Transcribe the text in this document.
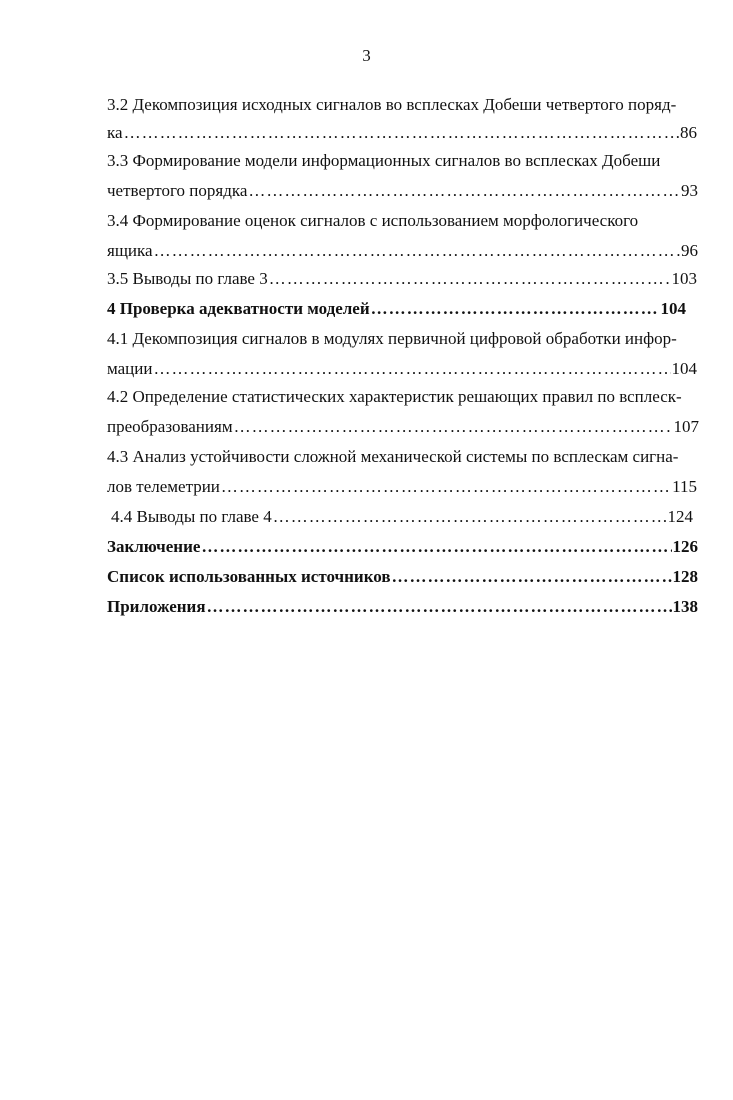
3
3.2 Декомпозиция исходных сигналов во всплесках Добеши четвертого поряд-
ка …………………………………………………………………………………………………………………………………………………………	86
3.3 Формирование модели информационных сигналов во всплесках Добеши
четвертого порядка …………………………………………………………………………………………………………………………………………………………	93
3.4 Формирование оценок сигналов с использованием морфологического
ящика …………………………………………………………………………………………………………………………………………………………	96
3.5 Выводы по главе 3 …………………………………………………………………………………………………………………………………………………………	103
4 Проверка адекватности моделей …………………………………………………………………………………………………………………………………………………………	104
4.1 Декомпозиция сигналов в модулях первичной цифровой обработки инфор-
мации …………………………………………………………………………………………………………………………………………………………	104
4.2 Определение статистических характеристик решающих правил по всплеск-
преобразованиям …………………………………………………………………………………………………………………………………………………………	107
4.3 Анализ устойчивости сложной механической системы по всплескам сигна-
лов телеметрии …………………………………………………………………………………………………………………………………………………………	115
4.4 Выводы по главе 4 …………………………………………………………………………………………………………………………………………………………	124
Заключение …………………………………………………………………………………………………………………………………………………………	126
Список использованных источников …………………………………………………………………………………………………………………………………………………………	128
Приложения …………………………………………………………………………………………………………………………………………………………	138
